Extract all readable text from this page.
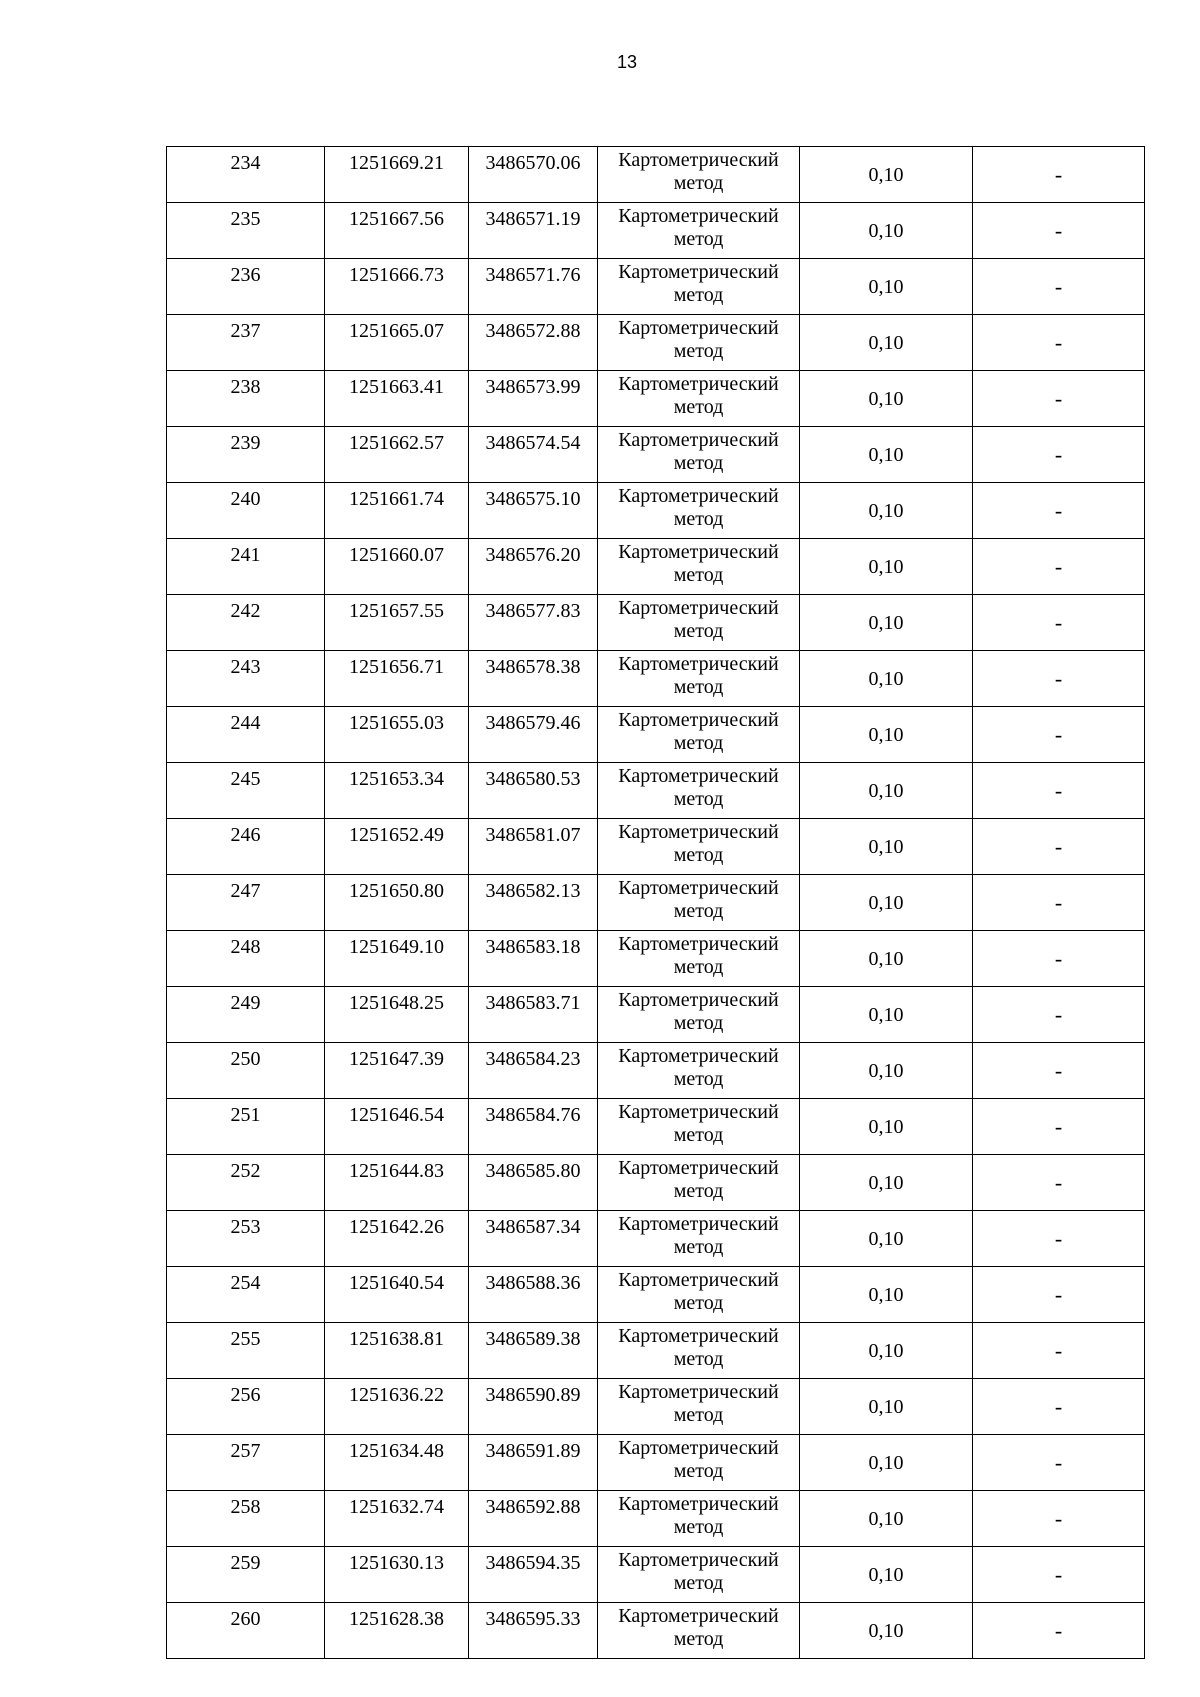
13
234	1251669.21	3486570.06	Картометрический
метод	0,10	-
235	1251667.56	3486571.19	Картометрический
метод	0,10	-
236	1251666.73	3486571.76	Картометрический
метод	0,10	-
237	1251665.07	3486572.88	Картометрический
метод	0,10	-
238	1251663.41	3486573.99	Картометрический
метод	0,10	-
239	1251662.57	3486574.54	Картометрический
метод	0,10	-
240	1251661.74	3486575.10	Картометрический
метод	0,10	-
241	1251660.07	3486576.20	Картометрический
метод	0,10	-
242	1251657.55	3486577.83	Картометрический
метод	0,10	-
243	1251656.71	3486578.38	Картометрический
метод	0,10	-
244	1251655.03	3486579.46	Картометрический
метод	0,10	-
245	1251653.34	3486580.53	Картометрический
метод	0,10	-
246	1251652.49	3486581.07	Картометрический
метод	0,10	-
247	1251650.80	3486582.13	Картометрический
метод	0,10	-
248	1251649.10	3486583.18	Картометрический
метод	0,10	-
249	1251648.25	3486583.71	Картометрический
метод	0,10	-
250	1251647.39	3486584.23	Картометрический
метод	0,10	-
251	1251646.54	3486584.76	Картометрический
метод	0,10	-
252	1251644.83	3486585.80	Картометрический
метод	0,10	-
253	1251642.26	3486587.34	Картометрический
метод	0,10	-
254	1251640.54	3486588.36	Картометрический
метод	0,10	-
255	1251638.81	3486589.38	Картометрический
метод	0,10	-
256	1251636.22	3486590.89	Картометрический
метод	0,10	-
257	1251634.48	3486591.89	Картометрический
метод	0,10	-
258	1251632.74	3486592.88	Картометрический
метод	0,10	-
259	1251630.13	3486594.35	Картометрический
метод	0,10	-
260	1251628.38	3486595.33	Картометрический
метод	0,10	-
